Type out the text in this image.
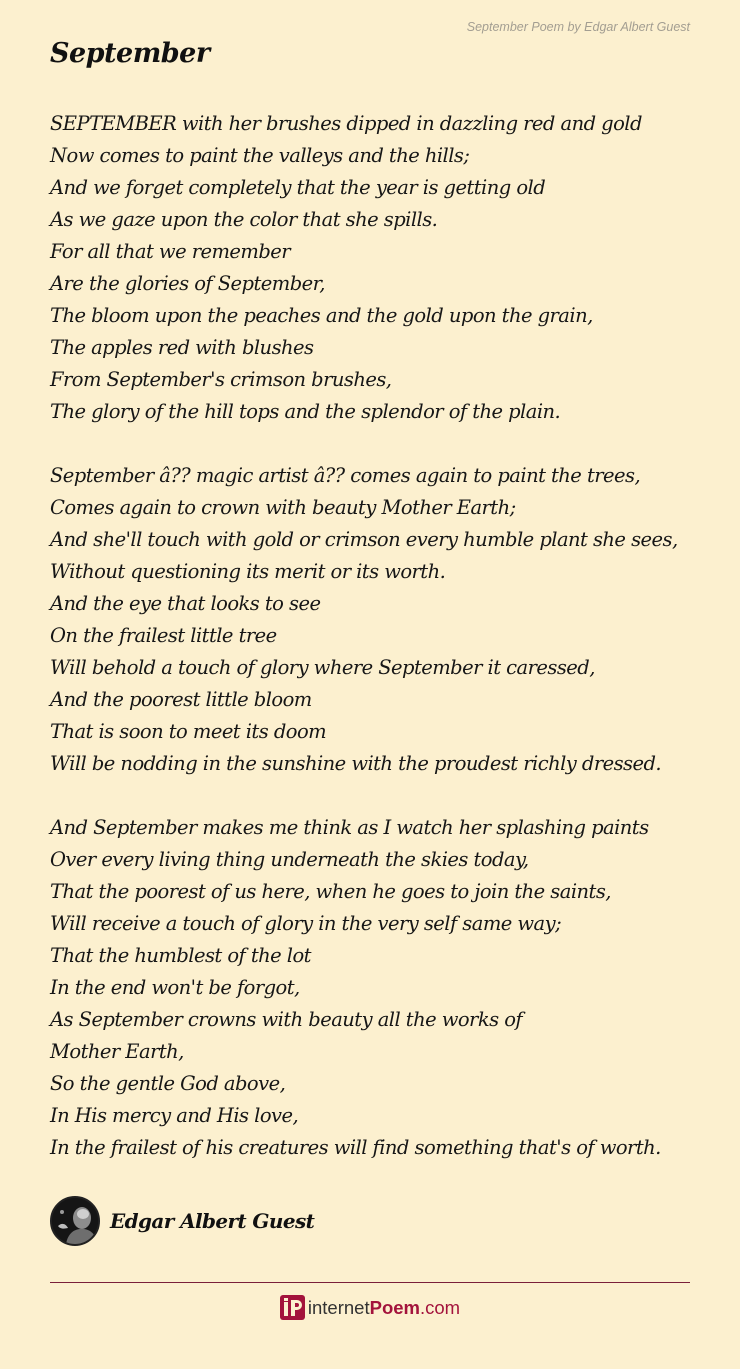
September Poem by Edgar Albert Guest
September
SEPTEMBER with her brushes dipped in dazzling red and gold
Now comes to paint the valleys and the hills;
And we forget completely that the year is getting old
As we gaze upon the color that she spills.
For all that we remember
Are the glories of September,
The bloom upon the peaches and the gold upon the grain,
The apples red with blushes
From September's crimson brushes,
The glory of the hill tops and the splendor of the plain.
September â?? magic artist â?? comes again to paint the trees,
Comes again to crown with beauty Mother Earth;
And she'll touch with gold or crimson every humble plant she sees,
Without questioning its merit or its worth.
And the eye that looks to see
On the frailest little tree
Will behold a touch of glory where September it caressed,
And the poorest little bloom
That is soon to meet its doom
Will be nodding in the sunshine with the proudest richly dressed.
And September makes me think as I watch her splashing paints
Over every living thing underneath the skies today,
That the poorest of us here, when he goes to join the saints,
Will receive a touch of glory in the very self same way;
That the humblest of the lot
In the end won't be forgot,
As September crowns with beauty all the works of
Mother Earth,
So the gentle God above,
In His mercy and His love,
In the frailest of his creatures will find something that's of worth.
Edgar Albert Guest
internetPoem.com
